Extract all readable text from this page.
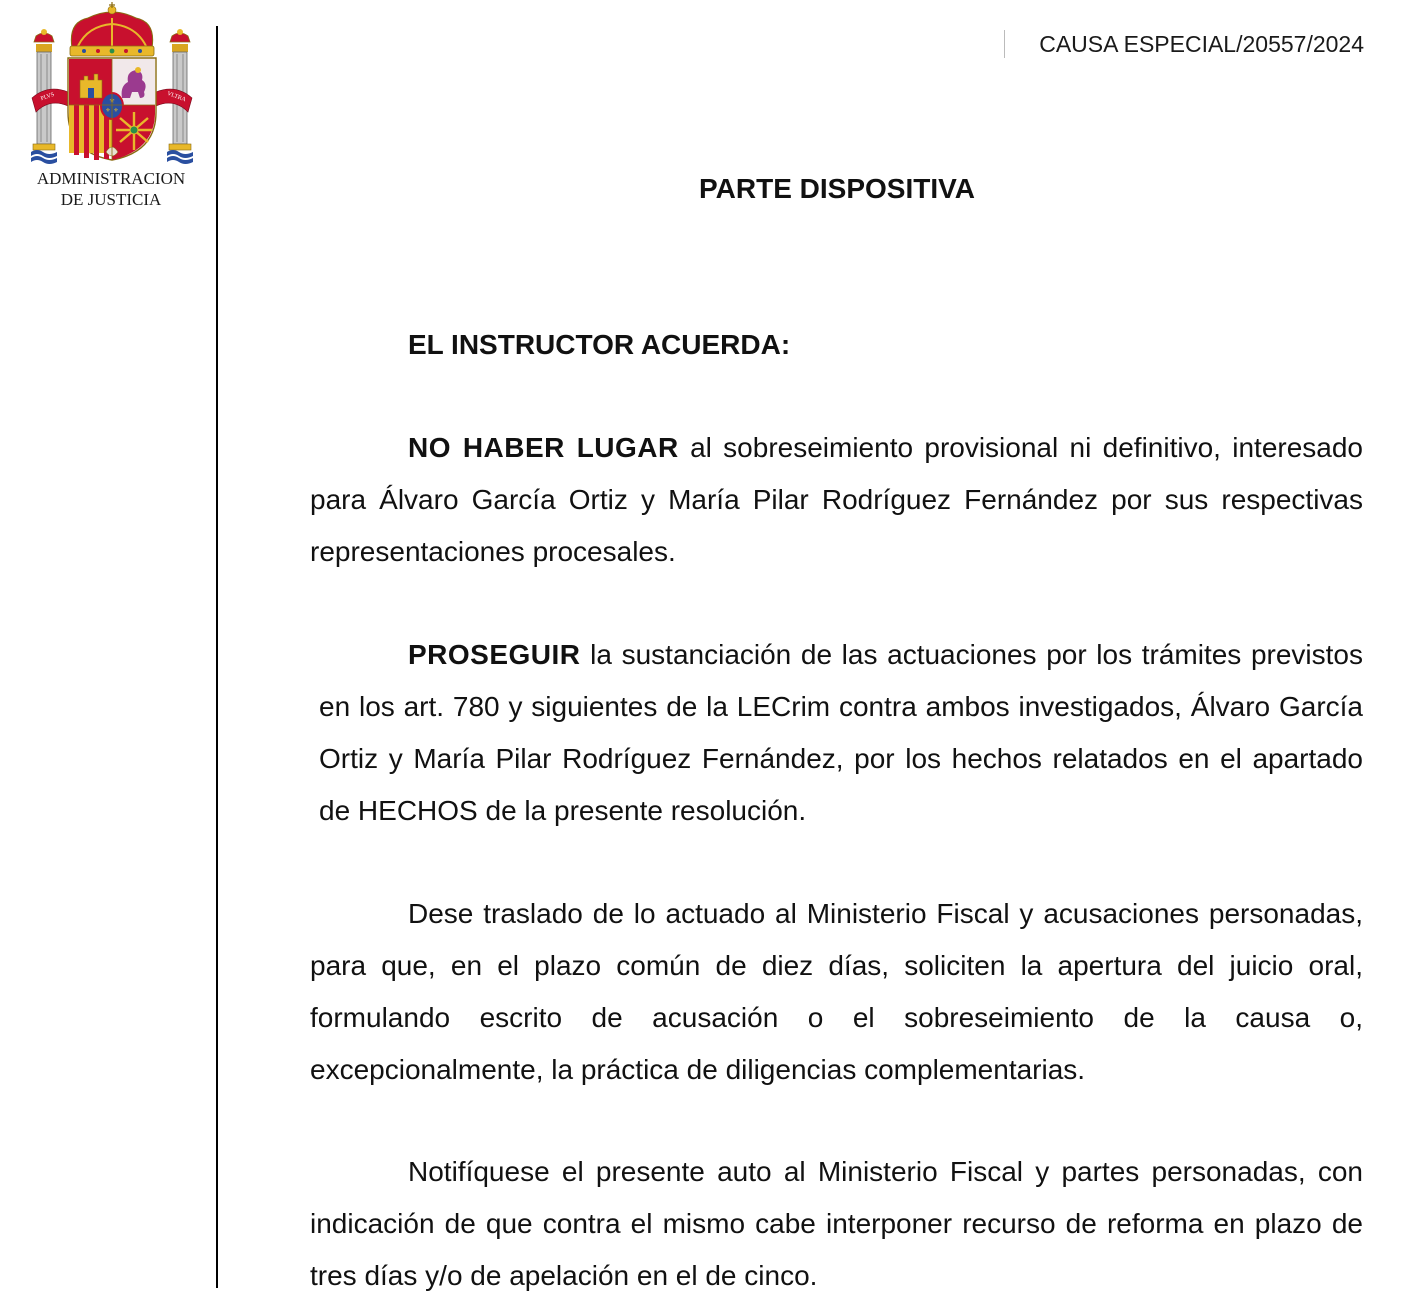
PLVS	VLTRA
⚜
⚜ ⚜
ADMINISTRACION
DE JUSTICIA
CAUSA ESPECIAL/20557/2024
PARTE DISPOSITIVA
EL INSTRUCTOR ACUERDA:

NO HABER LUGAR al sobreseimiento provisional ni definitivo, interesado para Álvaro García Ortiz y María Pilar Rodríguez Fernández por sus respectivas representaciones procesales.

PROSEGUIR la sustanciación de las actuaciones por los trámites previstos en los art. 780 y siguientes de la LECrim contra ambos investigados, Álvaro García Ortiz y María Pilar Rodríguez Fernández, por los hechos relatados en el apartado de HECHOS de la presente resolución.

Dese traslado de lo actuado al Ministerio Fiscal y acusaciones personadas, para que, en el plazo común de diez días, soliciten la apertura del juicio oral, formulando escrito de acusación o el sobreseimiento de la causa o, excepcionalmente, la práctica de diligencias complementarias.

Notifíquese el presente auto al Ministerio Fiscal y partes personadas, con indicación de que contra el mismo cabe interponer recurso de reforma en plazo de tres días y/o de apelación en el de cinco.
